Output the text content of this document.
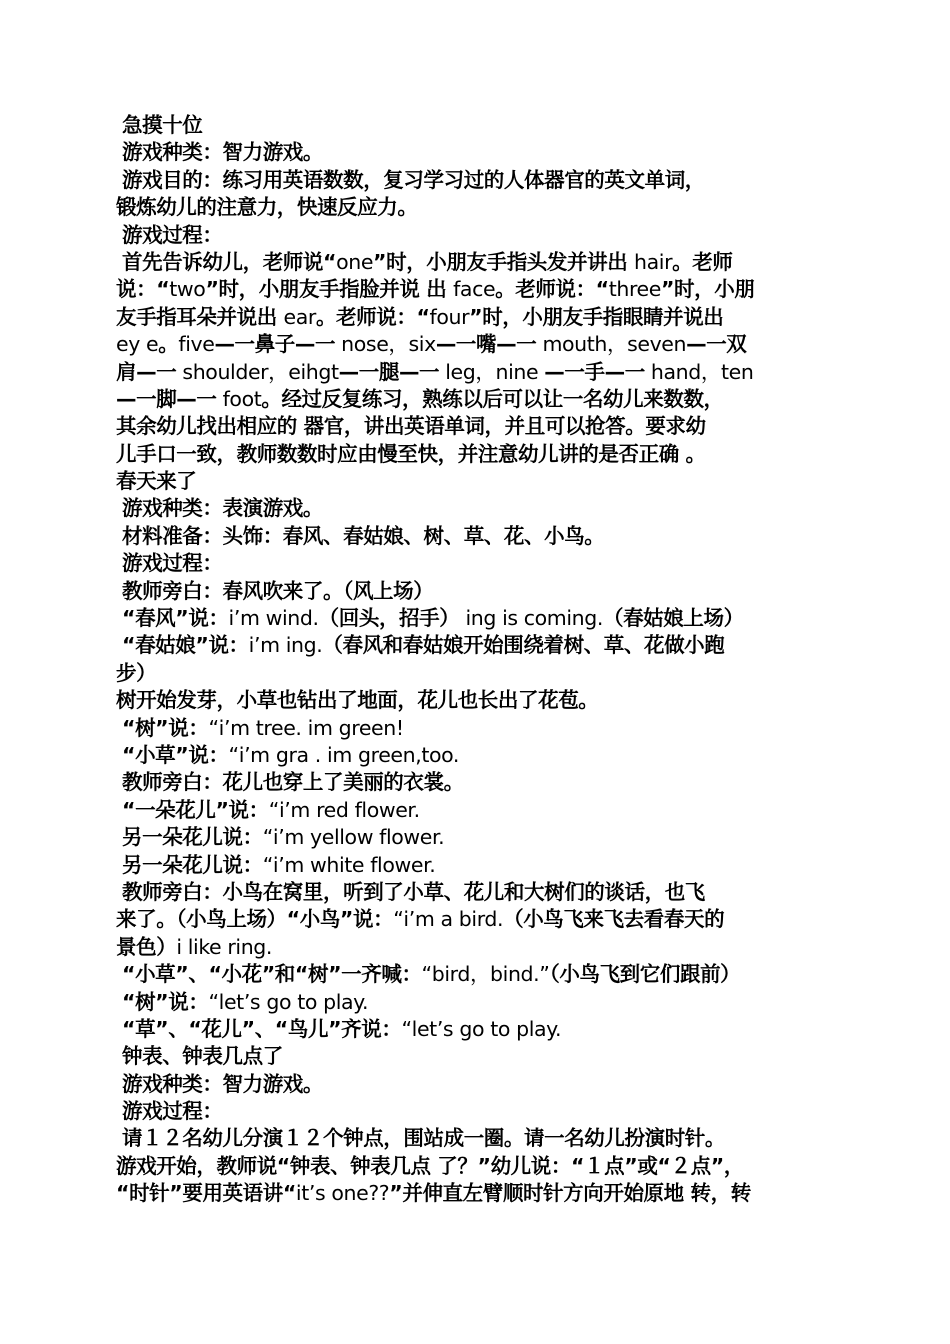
急摸十位
游戏种类：智力游戏。
游戏目的：练习用英语数数，复习学习过的人体器官的英文单词，
锻炼幼儿的注意力，快速反应力。
游戏过程：
首先告诉幼儿，老师说“one”时，小朋友手指头发并讲出 hair。老师
说：“two”时，小朋友手指脸并说 出 face。老师说：“three”时，小朋
友手指耳朵并说出 ear。老师说：“four”时，小朋友手指眼睛并说出
ey e。five—一鼻子—一 nose，six—一嘴—一 mouth，seven—一双
肩—一 shoulder，eihgt—一腿—一 leg，nine —一手—一 hand，ten
—一脚—一 foot。经过反复练习，熟练以后可以让一名幼儿来数数，
其余幼儿找出相应的 器官，讲出英语单词，并且可以抢答。要求幼
儿手口一致，教师数数时应由慢至快，并注意幼儿讲的是否正确 。
春天来了
游戏种类：表演游戏。
材料准备：头饰：春风、春姑娘、树、草、花、小鸟。
游戏过程：
教师旁白：春风吹来了。（风上场）
“春风”说：i’m wind.（回头，招手） ing is coming.（春姑娘上场）
“春姑娘”说：i’m ing.（春风和春姑娘开始围绕着树、草、花做小跑
步）
树开始发芽，小草也钻出了地面，花儿也长出了花苞。
“树”说：“i’m tree. im green!
“小草”说：“i’m gra . im green,too.
教师旁白：花儿也穿上了美丽的衣裳。
“一朵花儿”说：“i’m red flower.
另一朵花儿说：“i’m yellow flower.
另一朵花儿说：“i’m white flower.
教师旁白：小鸟在窝里，听到了小草、花儿和大树们的谈话，也飞
来了。（小鸟上场）“小鸟”说：“i’m a bird.（小鸟飞来飞去看春天的
景色）i like ring.
“小草”、“小花”和“树”一齐喊：“bird，bind.”（小鸟飞到它们跟前）
“树”说：“let’s go to play.
“草”、“花儿”、“鸟儿”齐说：“let’s go to play.
钟表、钟表几点了
游戏种类：智力游戏。
游戏过程：
请１２名幼儿分演１２个钟点，围站成一圈。请一名幼儿扮演时针。
游戏开始，教师说“钟表、钟表几点 了？”幼儿说：“１点”或“２点”，
“时针”要用英语讲“it’s one??”并伸直左臂顺时针方向开始原地 转，转
